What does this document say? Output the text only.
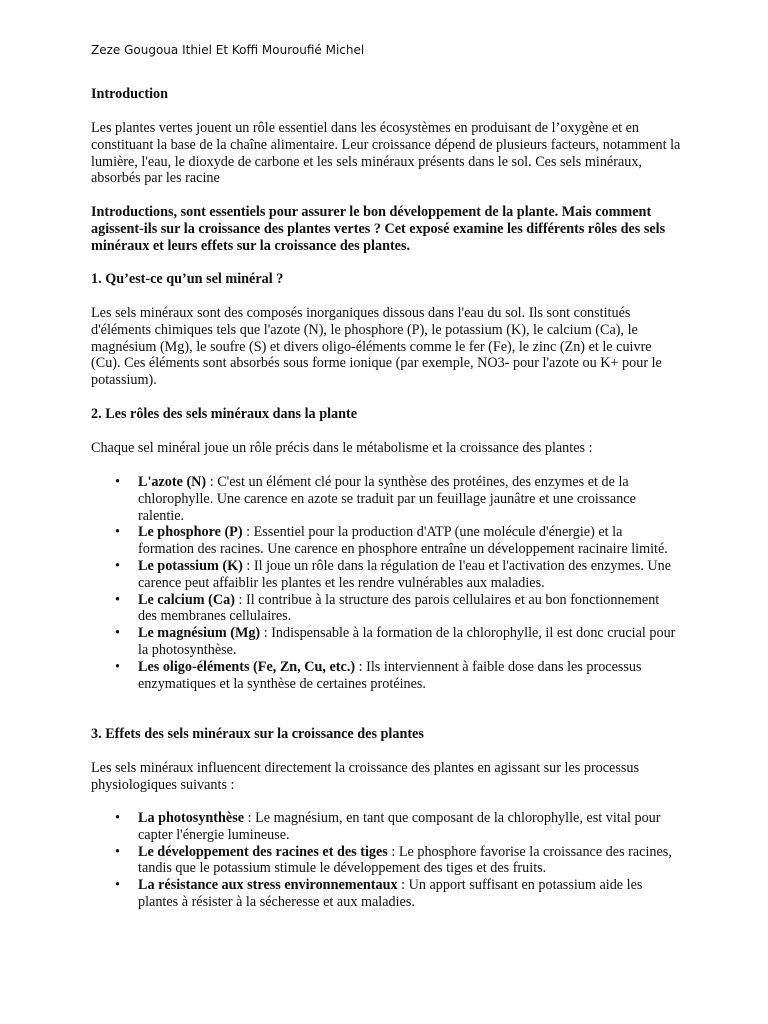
Zeze Gougoua Ithiel Et Koffi Mouroufié Michel

Introduction

Les plantes vertes jouent un rôle essentiel dans les écosystèmes en produisant de l’oxygène et en constituant la base de la chaîne alimentaire. Leur croissance dépend de plusieurs facteurs, notamment la lumière, l'eau, le dioxyde de carbone et les sels minéraux présents dans le sol. Ces sels minéraux, absorbés par les racine

Introductions, sont essentiels pour assurer le bon développement de la plante. Mais comment agissent-ils sur la croissance des plantes vertes ? Cet exposé examine les différents rôles des sels minéraux et leurs effets sur la croissance des plantes.

1. Qu’est-ce qu’un sel minéral ?

Les sels minéraux sont des composés inorganiques dissous dans l'eau du sol. Ils sont constitués d'éléments chimiques tels que l'azote (N), le phosphore (P), le potassium (K), le calcium (Ca), le magnésium (Mg), le soufre (S) et divers oligo-éléments comme le fer (Fe), le zinc (Zn) et le cuivre (Cu). Ces éléments sont absorbés sous forme ionique (par exemple, NO3- pour l'azote ou K+ pour le potassium).

2. Les rôles des sels minéraux dans la plante

Chaque sel minéral joue un rôle précis dans le métabolisme et la croissance des plantes :

• L'azote (N) : C'est un élément clé pour la synthèse des protéines, des enzymes et de la chlorophylle. Une carence en azote se traduit par un feuillage jaunâtre et une croissance ralentie.
• Le phosphore (P) : Essentiel pour la production d'ATP (une molécule d'énergie) et la formation des racines. Une carence en phosphore entraîne un développement racinaire limité.
• Le potassium (K) : Il joue un rôle dans la régulation de l'eau et l'activation des enzymes. Une carence peut affaiblir les plantes et les rendre vulnérables aux maladies.
• Le calcium (Ca) : Il contribue à la structure des parois cellulaires et au bon fonctionnement des membranes cellulaires.
• Le magnésium (Mg) : Indispensable à la formation de la chlorophylle, il est donc crucial pour la photosynthèse.
• Les oligo-éléments (Fe, Zn, Cu, etc.) : Ils interviennent à faible dose dans les processus enzymatiques et la synthèse de certaines protéines.

3. Effets des sels minéraux sur la croissance des plantes

Les sels minéraux influencent directement la croissance des plantes en agissant sur les processus physiologiques suivants :

• La photosynthèse : Le magnésium, en tant que composant de la chlorophylle, est vital pour capter l'énergie lumineuse.
• Le développement des racines et des tiges : Le phosphore favorise la croissance des racines, tandis que le potassium stimule le développement des tiges et des fruits.
• La résistance aux stress environnementaux : Un apport suffisant en potassium aide les plantes à résister à la sécheresse et aux maladies.
